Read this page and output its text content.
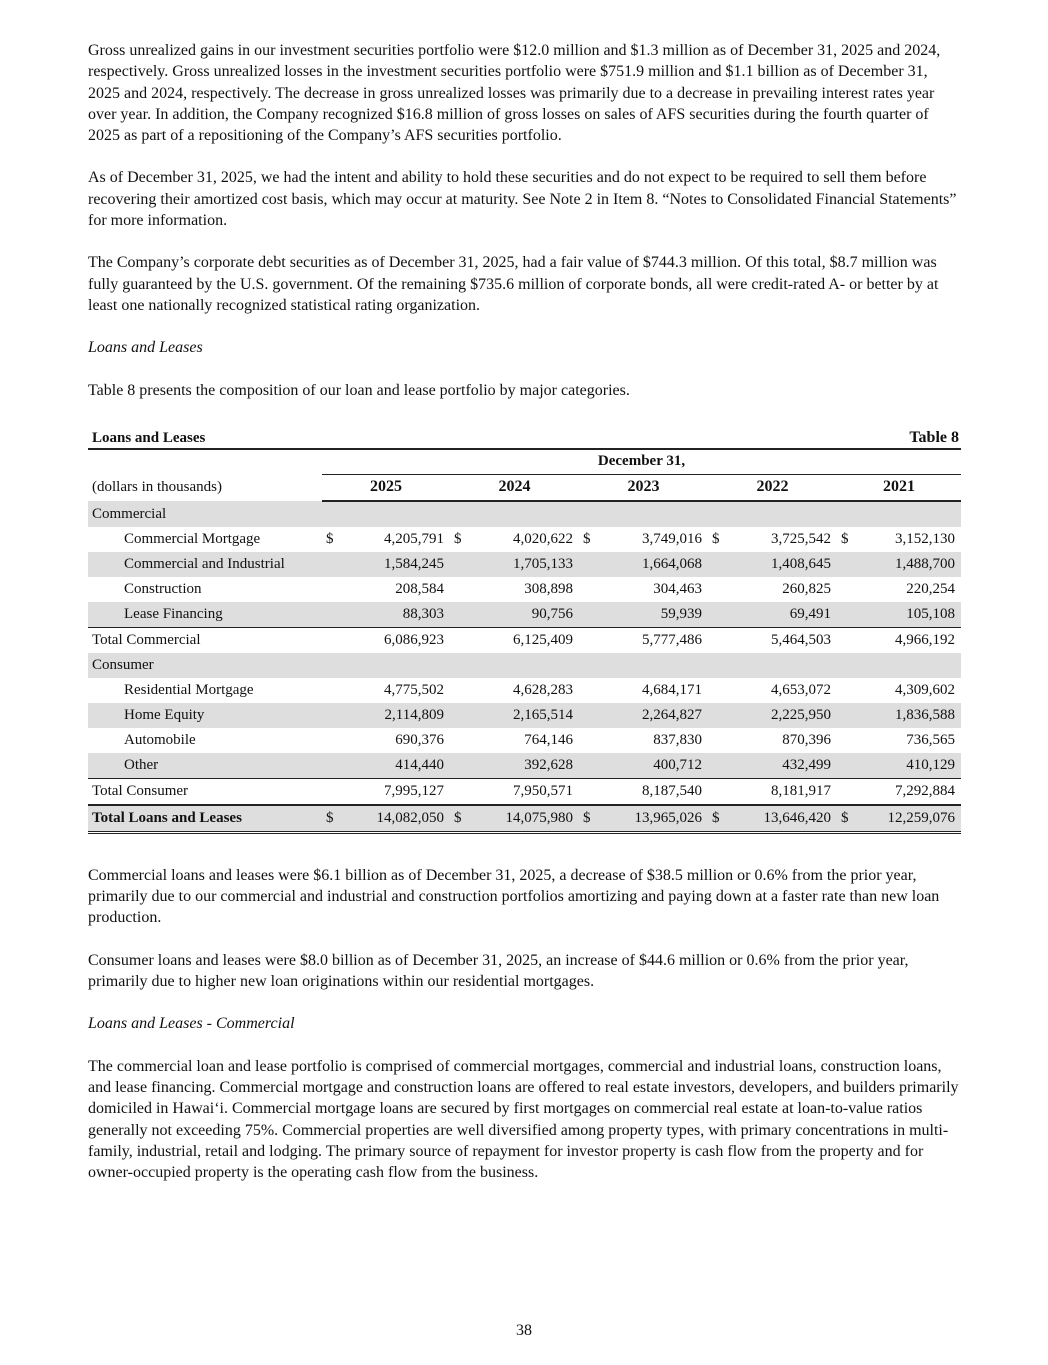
Gross unrealized gains in our investment securities portfolio were $12.0 million and $1.3 million as of December 31, 2025 and 2024, respectively. Gross unrealized losses in the investment securities portfolio were $751.9 million and $1.1 billion as of December 31, 2025 and 2024, respectively. The decrease in gross unrealized losses was primarily due to a decrease in prevailing interest rates year over year. In addition, the Company recognized $16.8 million of gross losses on sales of AFS securities during the fourth quarter of 2025 as part of a repositioning of the Company’s AFS securities portfolio.

As of December 31, 2025, we had the intent and ability to hold these securities and do not expect to be required to sell them before recovering their amortized cost basis, which may occur at maturity. See Note 2 in Item 8. “Notes to Consolidated Financial Statements” for more information.

The Company’s corporate debt securities as of December 31, 2025, had a fair value of $744.3 million. Of this total, $8.7 million was fully guaranteed by the U.S. government. Of the remaining $735.6 million of corporate bonds, all were credit-rated A- or better by at least one nationally recognized statistical rating organization.

Loans and Leases

Table 8 presents the composition of our loan and lease portfolio by major categories.

Loans and Leases	Table 8
	December 31,									
(dollars in thousands)	2025		2024		2023		2022		2021	
Commercial										
Commercial Mortgage	$	4,205,791	$	4,020,622	$	3,749,016	$	3,725,542	$	3,152,130
Commercial and Industrial		1,584,245		1,705,133		1,664,068		1,408,645		1,488,700
Construction		208,584		308,898		304,463		260,825		220,254
Lease Financing		88,303		90,756		59,939		69,491		105,108
Total Commercial		6,086,923		6,125,409		5,777,486		5,464,503		4,966,192
Consumer										
Residential Mortgage		4,775,502		4,628,283		4,684,171		4,653,072		4,309,602
Home Equity		2,114,809		2,165,514		2,264,827		2,225,950		1,836,588
Automobile		690,376		764,146		837,830		870,396		736,565
Other		414,440		392,628		400,712		432,499		410,129
Total Consumer		7,995,127		7,950,571		8,187,540		8,181,917		7,292,884
Total Loans and Leases	$	14,082,050	$	14,075,980	$	13,965,026	$	13,646,420	$	12,259,076

Commercial loans and leases were $6.1 billion as of December 31, 2025, a decrease of $38.5 million or 0.6% from the prior year, primarily due to our commercial and industrial and construction portfolios amortizing and paying down at a faster rate than new loan production.

Consumer loans and leases were $8.0 billion as of December 31, 2025, an increase of $44.6 million or 0.6% from the prior year, primarily due to higher new loan originations within our residential mortgages.

Loans and Leases - Commercial

The commercial loan and lease portfolio is comprised of commercial mortgages, commercial and industrial loans, construction loans, and lease financing. Commercial mortgage and construction loans are offered to real estate investors, developers, and builders primarily domiciled in Hawai‘i. Commercial mortgage loans are secured by first mortgages on commercial real estate at loan-to-value ratios generally not exceeding 75%. Commercial properties are well diversified among property types, with primary concentrations in multi-family, industrial, retail and lodging. The primary source of repayment for investor property is cash flow from the property and for owner-occupied property is the operating cash flow from the business.

38
